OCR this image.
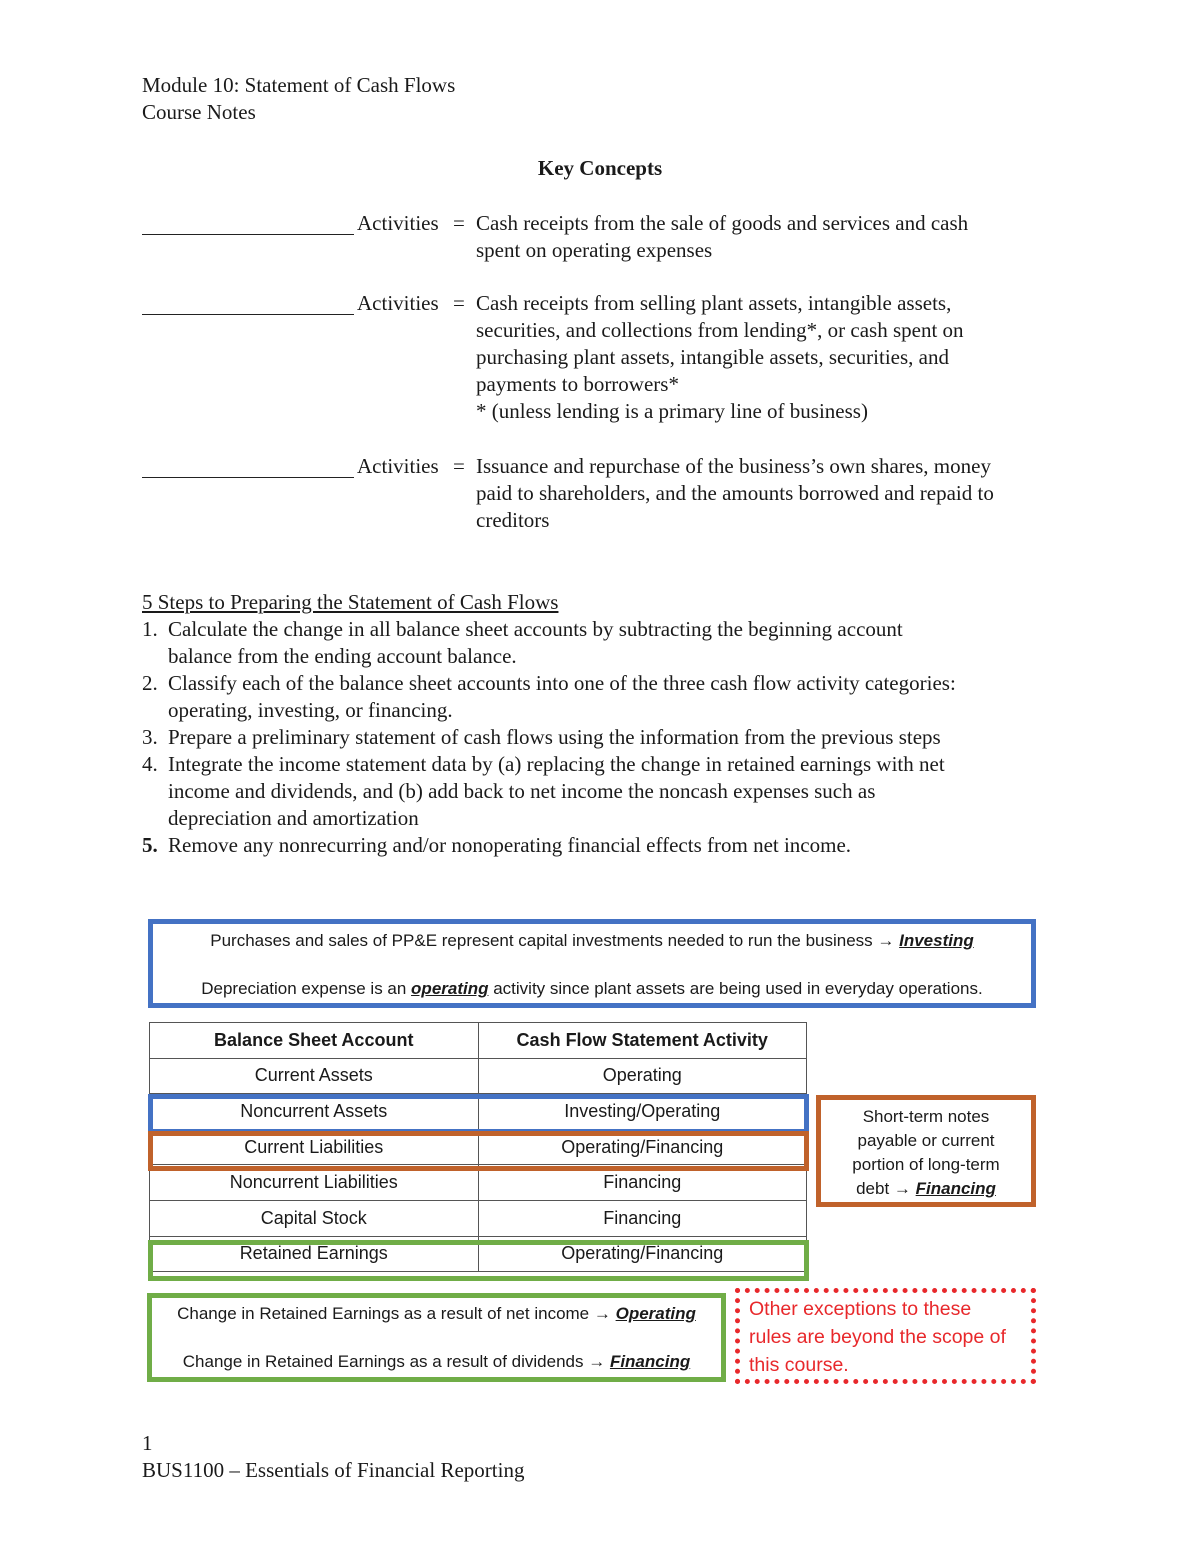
Module 10: Statement of Cash Flows
Course Notes
Key Concepts
Activities = Cash receipts from the sale of goods and services and cash
spent on operating expenses
Activities = Cash receipts from selling plant assets, intangible assets,
securities, and collections from lending*, or cash spent on
purchasing plant assets, intangible assets, securities, and
payments to borrowers*
* (unless lending is a primary line of business)
Activities = Issuance and repurchase of the business’s own shares, money
paid to shareholders, and the amounts borrowed and repaid to
creditors
5 Steps to Preparing the Statement of Cash Flows
1. Calculate the change in all balance sheet accounts by subtracting the beginning account
balance from the ending account balance.
2. Classify each of the balance sheet accounts into one of the three cash flow activity categories:
operating, investing, or financing.
3. Prepare a preliminary statement of cash flows using the information from the previous steps
4. Integrate the income statement data by (a) replacing the change in retained earnings with net
income and dividends, and (b) add back to net income the noncash expenses such as
depreciation and amortization
5. Remove any nonrecurring and/or nonoperating financial effects from net income.
Purchases and sales of PP&E represent capital investments needed to run the business → Investing
Depreciation expense is an operating activity since plant assets are being used in everyday operations.
Balance Sheet Account	Cash Flow Statement Activity
Current Assets	Operating
Noncurrent Assets	Investing/Operating
Current Liabilities	Operating/Financing
Noncurrent Liabilities	Financing
Capital Stock	Financing
Retained Earnings	Operating/Financing
Short-term notes
payable or current
portion of long-term
debt → Financing
Change in Retained Earnings as a result of net income → Operating
Change in Retained Earnings as a result of dividends → Financing
Other exceptions to these
rules are beyond the scope of
this course.
1
BUS1100 – Essentials of Financial Reporting
